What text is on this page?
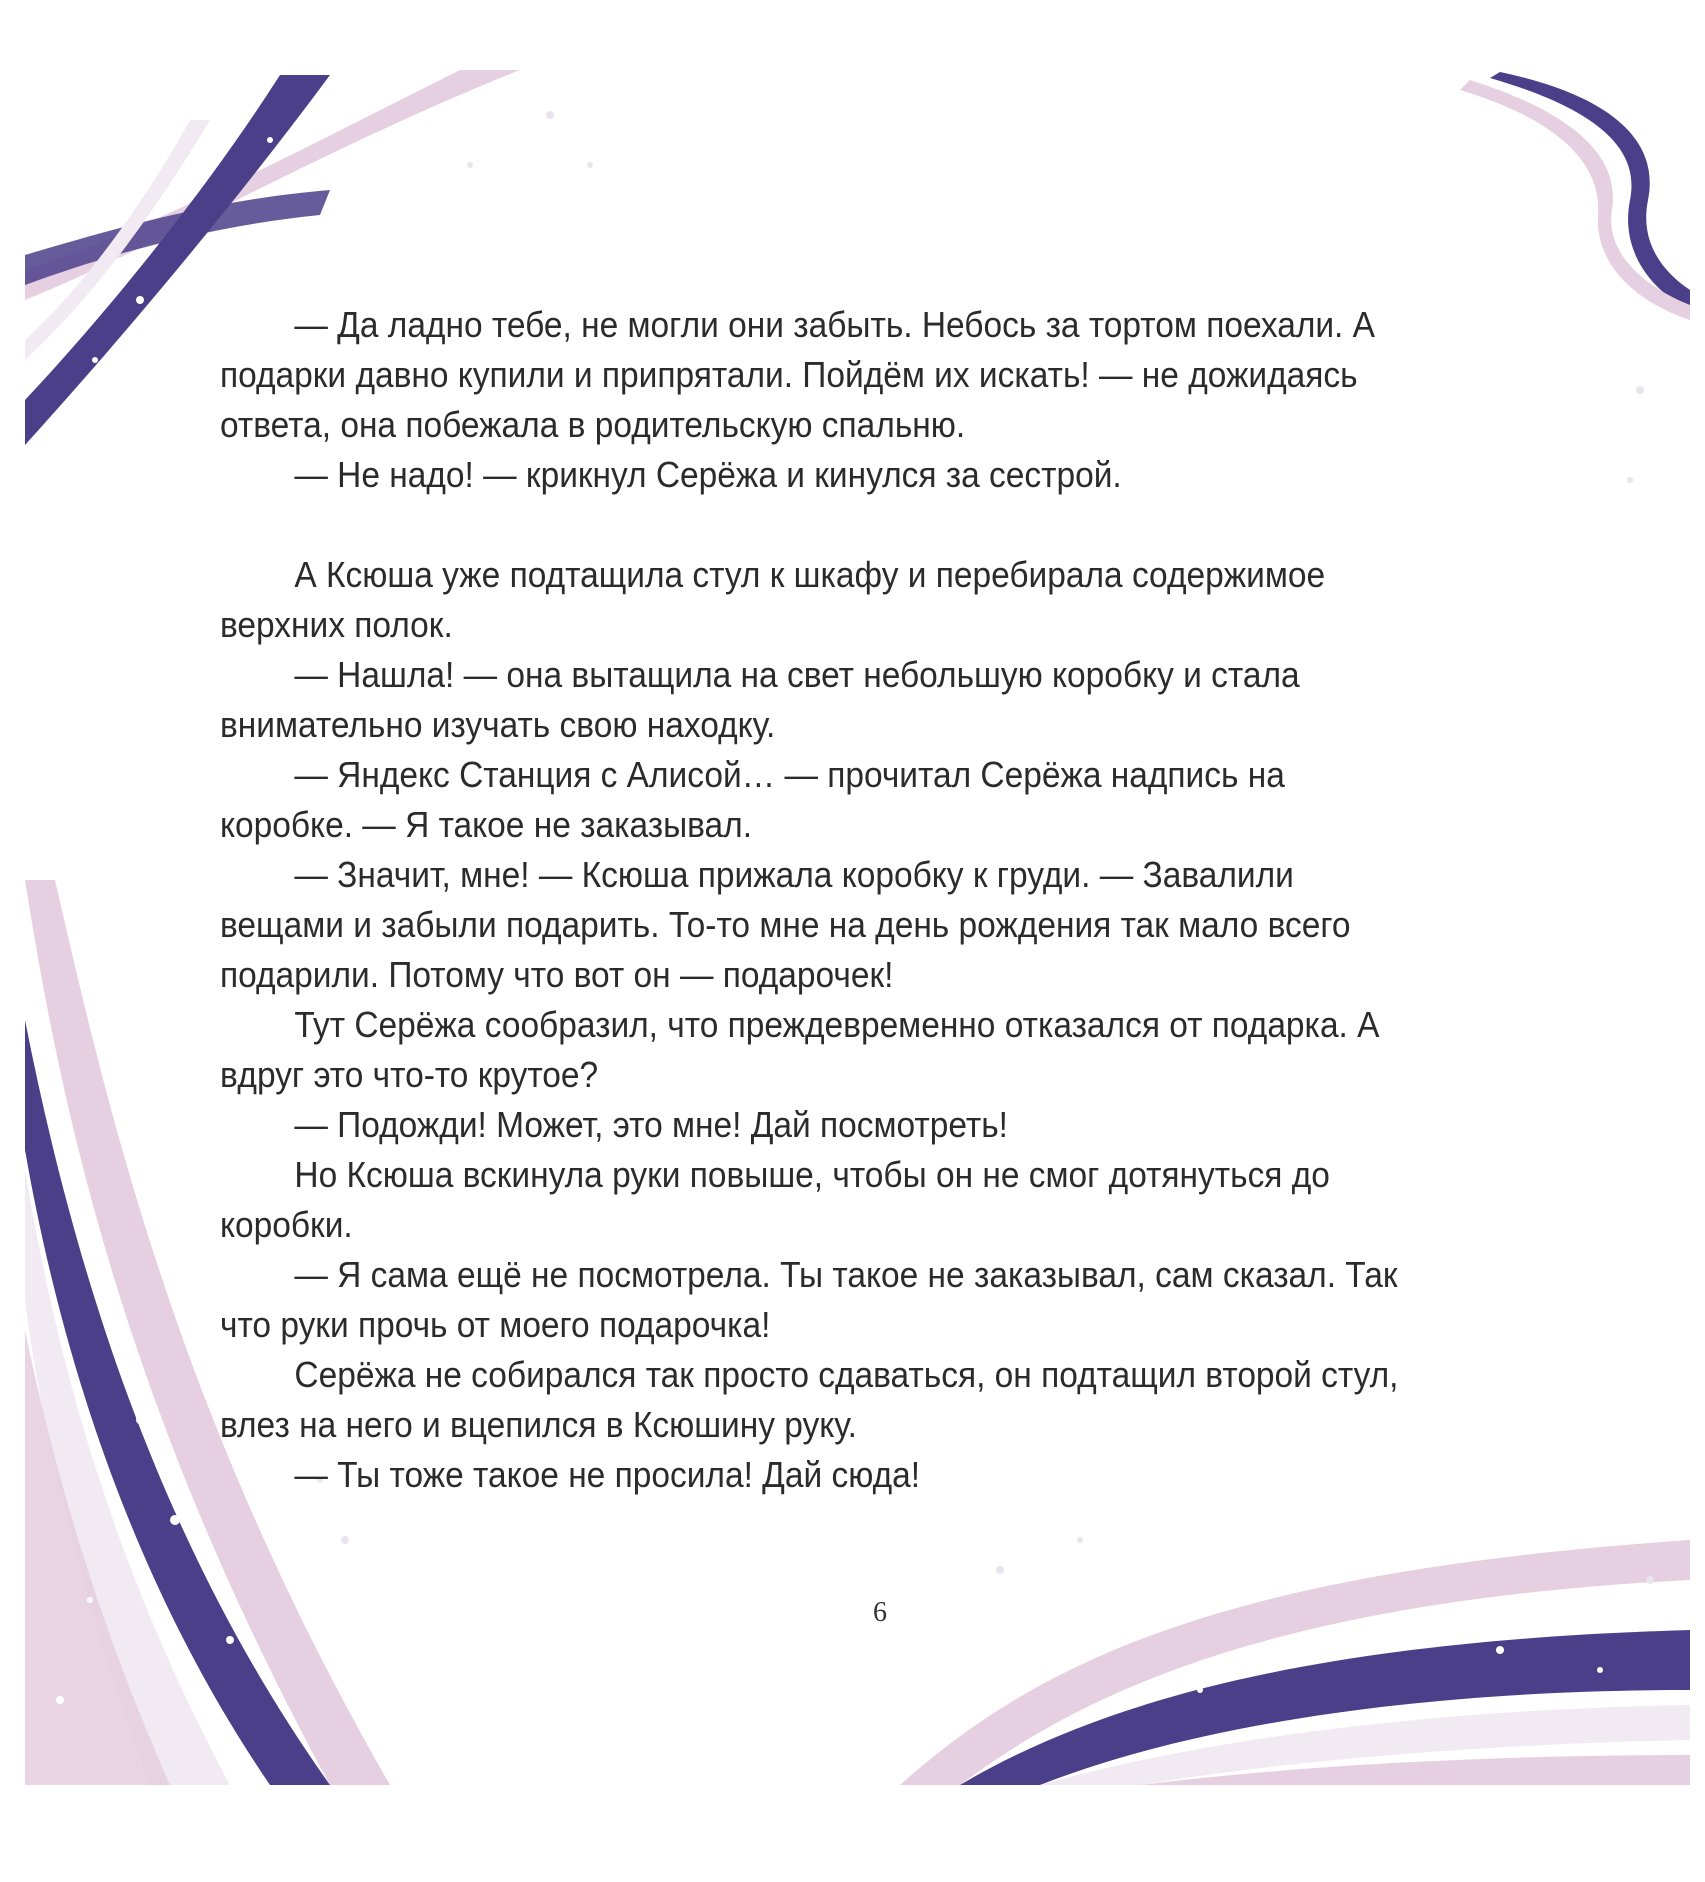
— Да ладно тебе, не могли они забыть. Небось за тортом поехали. А подарки давно купили и припрятали. Пойдём их искать! — не дожидаясь ответа, она побежала в родительскую спальню.

— Не надо! — крикнул Серёжа и кинулся за сестрой.

А Ксюша уже подтащила стул к шкафу и перебирала содержимое верхних полок.

— Нашла! — она вытащила на свет небольшую коробку и стала внимательно изучать свою находку.

— Яндекс Станция с Алисой… — прочитал Серёжа надпись на коробке. — Я такое не заказывал.

— Значит, мне! — Ксюша прижала коробку к груди. — Завалили вещами и забыли подарить. То-то мне на день рождения так мало всего подарили. Потому что вот он — подарочек!

Тут Серёжа сообразил, что преждевременно отказался от подарка. А вдруг это что-то крутое?

— Подожди! Может, это мне! Дай посмотреть!

Но Ксюша вскинула руки повыше, чтобы он не смог дотянуться до коробки.

— Я сама ещё не посмотрела. Ты такое не заказывал, сам сказал. Так что руки прочь от моего подарочка!

Серёжа не собирался так просто сдаваться, он подтащил второй стул, влез на него и вцепился в Ксюшину руку.

— Ты тоже такое не просила! Дай сюда!

6
